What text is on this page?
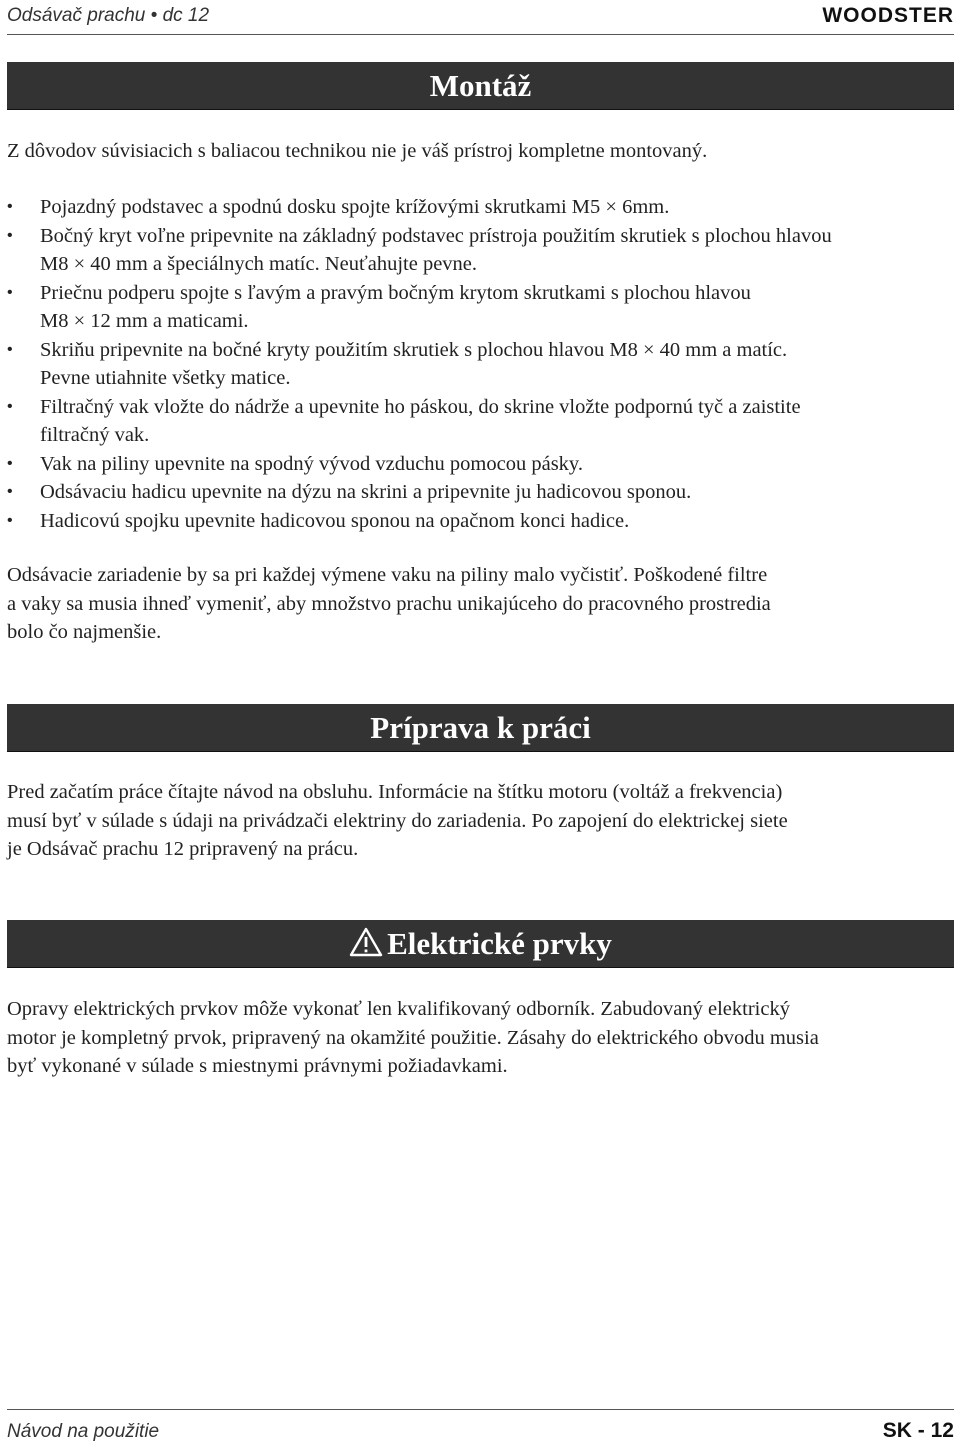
Odsávač prachu • dc 12	WOODSTER
Montáž

Z dôvodov súvisiacich s baliacou technikou nie je váš prístroj kompletne montovaný.

• Pojazdný podstavec a spodnú dosku spojte krížovými skrutkami M5 × 6mm.
• Bočný kryt voľne pripevnite na základný podstavec prístroja použitím skrutiek s plochou hlavou
M8 × 40 mm a špeciálnych matíc. Neuťahujte pevne.
• Priečnu podperu spojte s ľavým a pravým bočným krytom skrutkami s plochou hlavou
M8 × 12 mm a maticami.
• Skriňu pripevnite na bočné kryty použitím skrutiek s plochou hlavou M8 × 40 mm a matíc.
Pevne utiahnite všetky matice.
• Filtračný vak vložte do nádrže a upevnite ho páskou, do skrine vložte podpornú tyč a zaistite
filtračný vak.
• Vak na piliny upevnite na spodný vývod vzduchu pomocou pásky.
• Odsávaciu hadicu upevnite na dýzu na skrini a pripevnite ju hadicovou sponou.
• Hadicovú spojku upevnite hadicovou sponou na opačnom konci hadice.
Odsávacie zariadenie by sa pri každej výmene vaku na piliny malo vyčistiť. Poškodené filtre
a vaky sa musia ihneď vymeniť, aby množstvo prachu unikajúceho do pracovného prostredia
bolo čo najmenšie.
Príprava k práci
Pred začatím práce čítajte návod na obsluhu. Informácie na štítku motoru (voltáž a frekvencia)
musí byť v súlade s údaji na privádzači elektriny do zariadenia. Po zapojení do elektrickej siete
je Odsávač prachu 12 pripravený na prácu.
Elektrické prvky
Opravy elektrických prvkov môže vykonať len kvalifikovaný odborník. Zabudovaný elektrický
motor je kompletný prvok, pripravený na okamžité použitie. Zásahy do elektrického obvodu musia
byť vykonané v súlade s miestnymi právnymi požiadavkami.
Návod na použitie	SK - 12
